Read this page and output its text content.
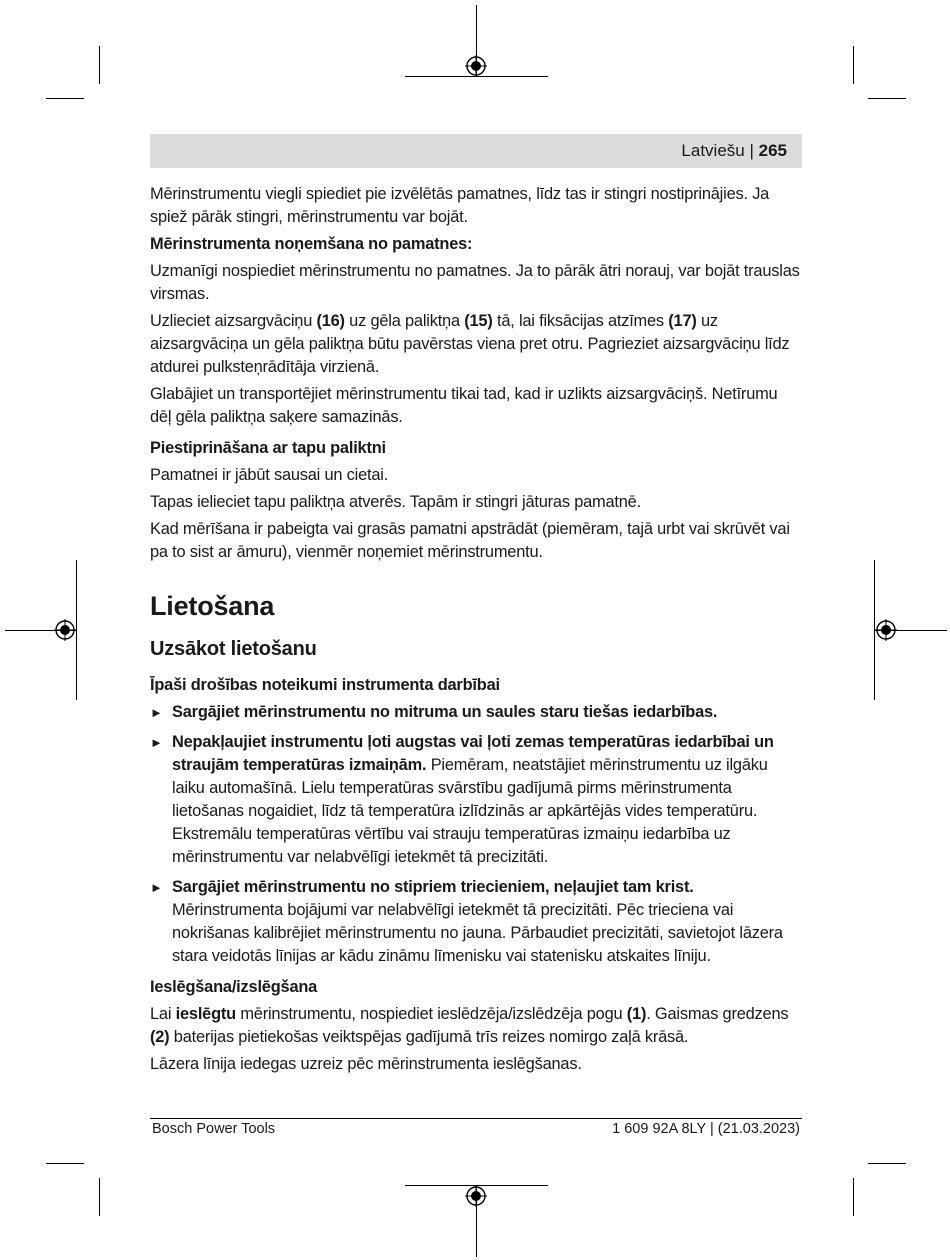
Latviešu | 265

Mērinstrumentu viegli spiediet pie izvēlētās pamatnes, līdz tas ir stingri nostiprinājies. Ja spiež pārāk stingri, mērinstrumentu var bojāt.

Mērinstrumenta noņemšana no pamatnes:

Uzmanīgi nospiediet mērinstrumentu no pamatnes. Ja to pārāk ātri norauj, var bojāt trauslas virsmas.

Uzlieciet aizsargvāciņu (16) uz gēla paliktņa (15) tā, lai fiksācijas atzīmes (17) uz aizsargvāciņa un gēla paliktņa būtu pavērstas viena pret otru. Pagrieziet aizsargvāciņu līdz atdurei pulksteņrādītāja virzienā.

Glabājiet un transportējiet mērinstrumentu tikai tad, kad ir uzlikts aizsargvāciņš. Netīrumu dēļ gēla paliktņa saķere samazinās.

Piestiprināšana ar tapu paliktni

Pamatnei ir jābūt sausai un cietai.

Tapas ielieciet tapu paliktņa atverēs. Tapām ir stingri jāturas pamatnē.

Kad mērīšana ir pabeigta vai grasās pamatni apstrādāt (piemēram, tajā urbt vai skrūvēt vai pa to sist ar āmuru), vienmēr noņemiet mērinstrumentu.

Lietošana
Uzsākot lietošanu

Īpaši drošības noteikumi instrumenta darbībai

► Sargājiet mērinstrumentu no mitruma un saules staru tiešas iedarbības.
► Nepakļaujiet instrumentu ļoti augstas vai ļoti zemas temperatūras iedarbībai un straujām temperatūras izmaiņām. Piemēram, neatstājiet mērinstrumentu uz ilgāku laiku automašīnā. Lielu temperatūras svārstību gadījumā pirms mērinstrumenta lietošanas nogaidiet, līdz tā temperatūra izlīdzinās ar apkārtējās vides temperatūru. Ekstremālu temperatūras vērtību vai strauju temperatūras izmaiņu iedarbība uz mērinstrumentu var nelabvēlīgi ietekmēt tā precizitāti.
► Sargājiet mērinstrumentu no stipriem triecieniem, neļaujiet tam krist. Mērinstrumenta bojājumi var nelabvēlīgi ietekmēt tā precizitāti. Pēc trieciena vai nokrišanas kalibrējiet mērinstrumentu no jauna. Pārbaudiet precizitāti, savietojot lāzera stara veidotās līnijas ar kādu zināmu līmenisku vai statenisku atskaites līniju.

Ieslēgšana/izslēgšana

Lai ieslēgtu mērinstrumentu, nospiediet ieslēdzēja/izslēdzēja pogu (1). Gaismas gredzens (2) baterijas pietiekošas veiktspējas gadījumā trīs reizes nomirgo zaļā krāsā.

Lāzera līnija iedegas uzreiz pēc mērinstrumenta ieslēgšanas.

Bosch Power Tools	1 609 92A 8LY | (21.03.2023)
